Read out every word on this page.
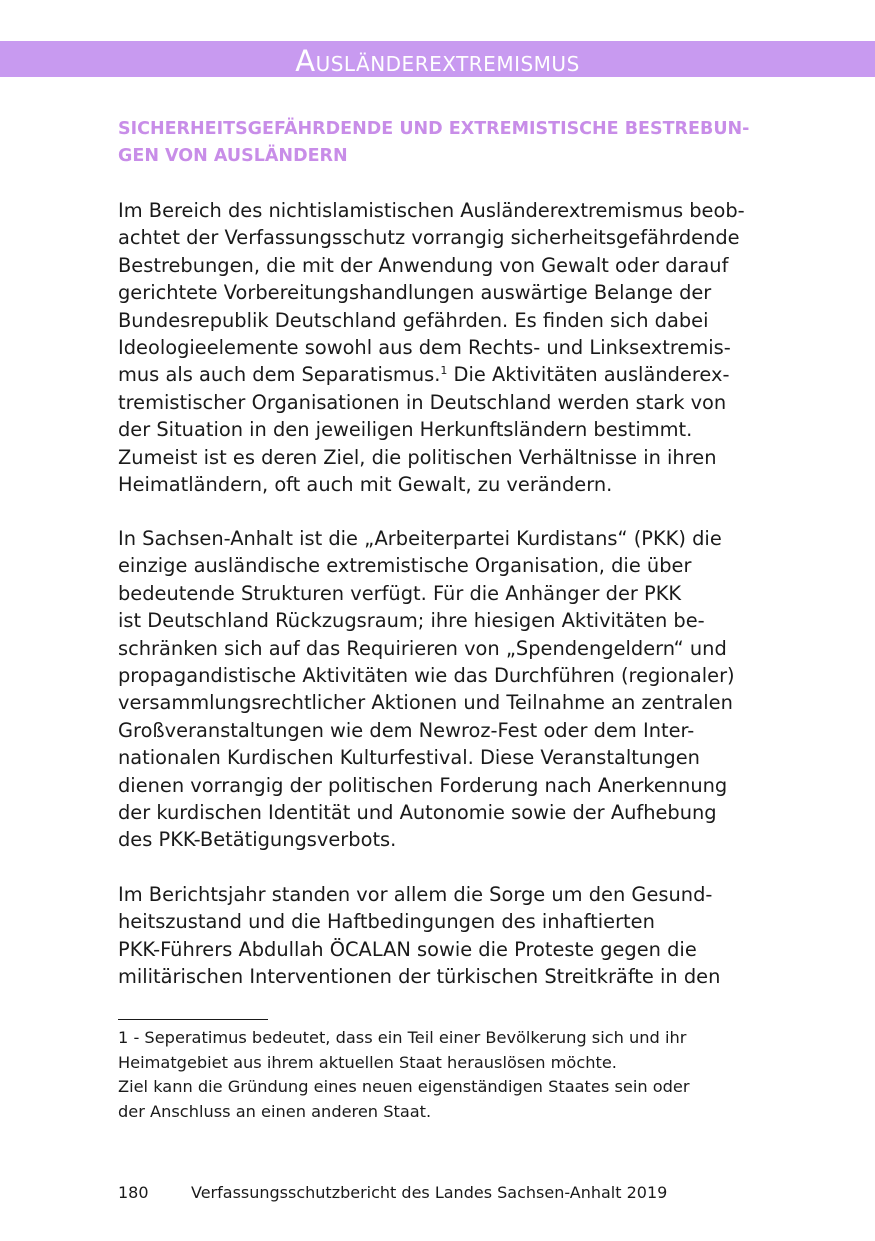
Ausländerextremismus
SICHERHEITSGEFÄHRDENDE UND EXTREMISTISCHE BESTREBUN-
GEN VON AUSLÄNDERN

Im Bereich des nichtislamistischen Ausländerextremismus beob-
achtet der Verfassungsschutz vorrangig sicherheitsgefährdende
Bestrebungen, die mit der Anwendung von Gewalt oder darauf
gerichtete Vorbereitungshandlungen auswärtige Belange der
Bundesrepublik Deutschland gefährden. Es finden sich dabei
Ideologieelemente sowohl aus dem Rechts- und Linksextremis-
mus als auch dem Separatismus.$^1$ Die Aktivitäten ausländerex-
tremistischer Organisationen in Deutschland werden stark von
der Situation in den jeweiligen Herkunftsländern bestimmt.
Zumeist ist es deren Ziel, die politischen Verhältnisse in ihren
Heimatländern, oft auch mit Gewalt, zu verändern.

In Sachsen-Anhalt ist die „Arbeiterpartei Kurdistans“ (PKK) die
einzige ausländische extremistische Organisation, die über
bedeutende Strukturen verfügt. Für die Anhänger der PKK
ist Deutschland Rückzugsraum; ihre hiesigen Aktivitäten be-
schränken sich auf das Requirieren von „Spendengeldern“ und
propagandistische Aktivitäten wie das Durchführen (regionaler)
versammlungsrechtlicher Aktionen und Teilnahme an zentralen
Großveranstaltungen wie dem Newroz-Fest oder dem Inter-
nationalen Kurdischen Kulturfestival. Diese Veranstaltungen
dienen vorrangig der politischen Forderung nach Anerkennung
der kurdischen Identität und Autonomie sowie der Aufhebung
des PKK-Betätigungsverbots.

Im Berichtsjahr standen vor allem die Sorge um den Gesund-
heitszustand und die Haftbedingungen des inhaftierten
PKK-Führers Abdullah ÖCALAN sowie die Proteste gegen die
militärischen Interventionen der türkischen Streitkräfte in den

1 - Seperatimus bedeutet, dass ein Teil einer Bevölkerung sich und ihr
Heimatgebiet aus ihrem aktuellen Staat herauslösen möchte.
Ziel kann die Gründung eines neuen eigenständigen Staates sein oder
der Anschluss an einen anderen Staat.

180	Verfassungsschutzbericht des Landes Sachsen-Anhalt 2019
